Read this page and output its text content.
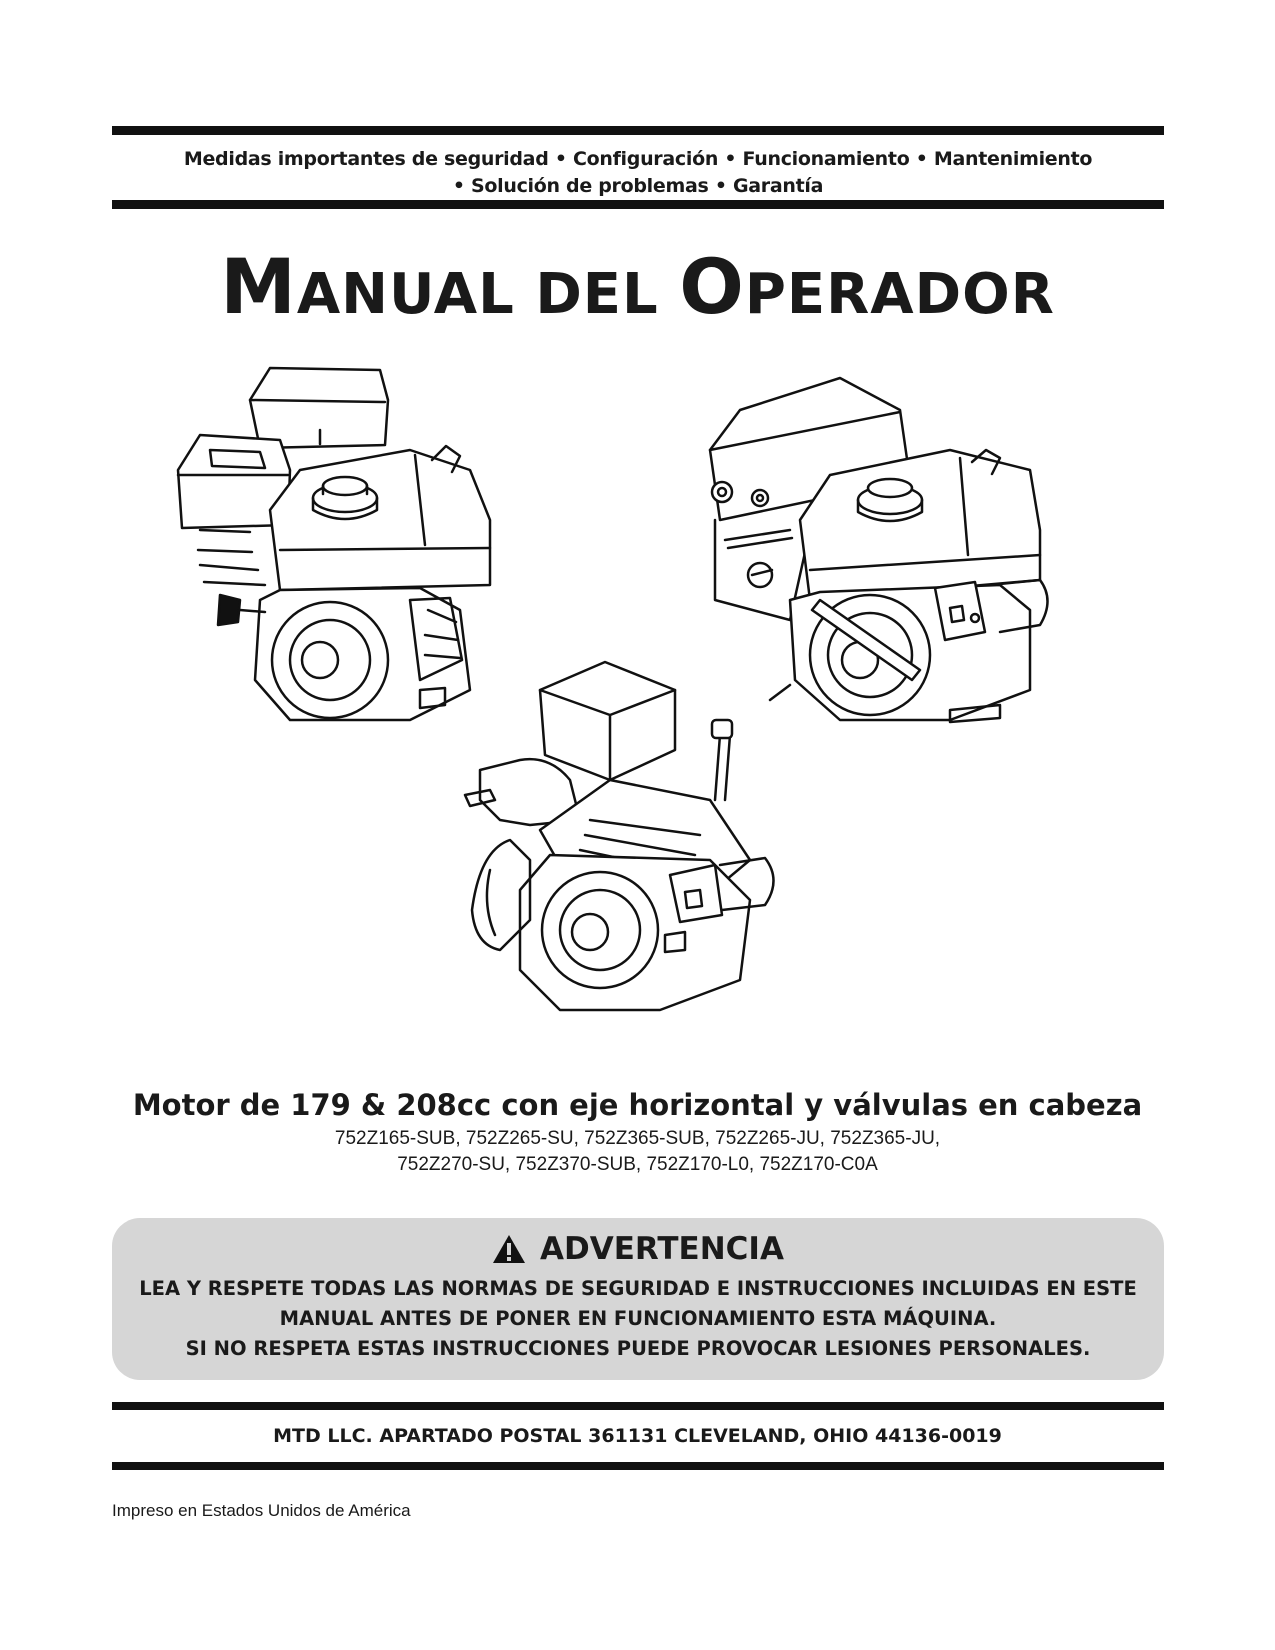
Medidas importantes de seguridad • Configuración • Funcionamiento • Mantenimiento
• Solución de problemas • Garantía
MANUAL DEL OPERADOR
Motor de 179 & 208cc con eje horizontal y válvulas en cabeza
752Z165-SUB, 752Z265-SU, 752Z365-SUB, 752Z265-JU, 752Z365-JU,
752Z270-SU, 752Z370-SUB, 752Z170-L0, 752Z170-C0A
ADVERTENCIA
LEA Y RESPETE TODAS LAS NORMAS DE SEGURIDAD E INSTRUCCIONES INCLUIDAS EN ESTE
MANUAL ANTES DE PONER EN FUNCIONAMIENTO ESTA MÁQUINA.
SI NO RESPETA ESTAS INSTRUCCIONES PUEDE PROVOCAR LESIONES PERSONALES.
MTD LLC. APARTADO POSTAL 361131 CLEVELAND, OHIO 44136-0019
Impreso en Estados Unidos de América
